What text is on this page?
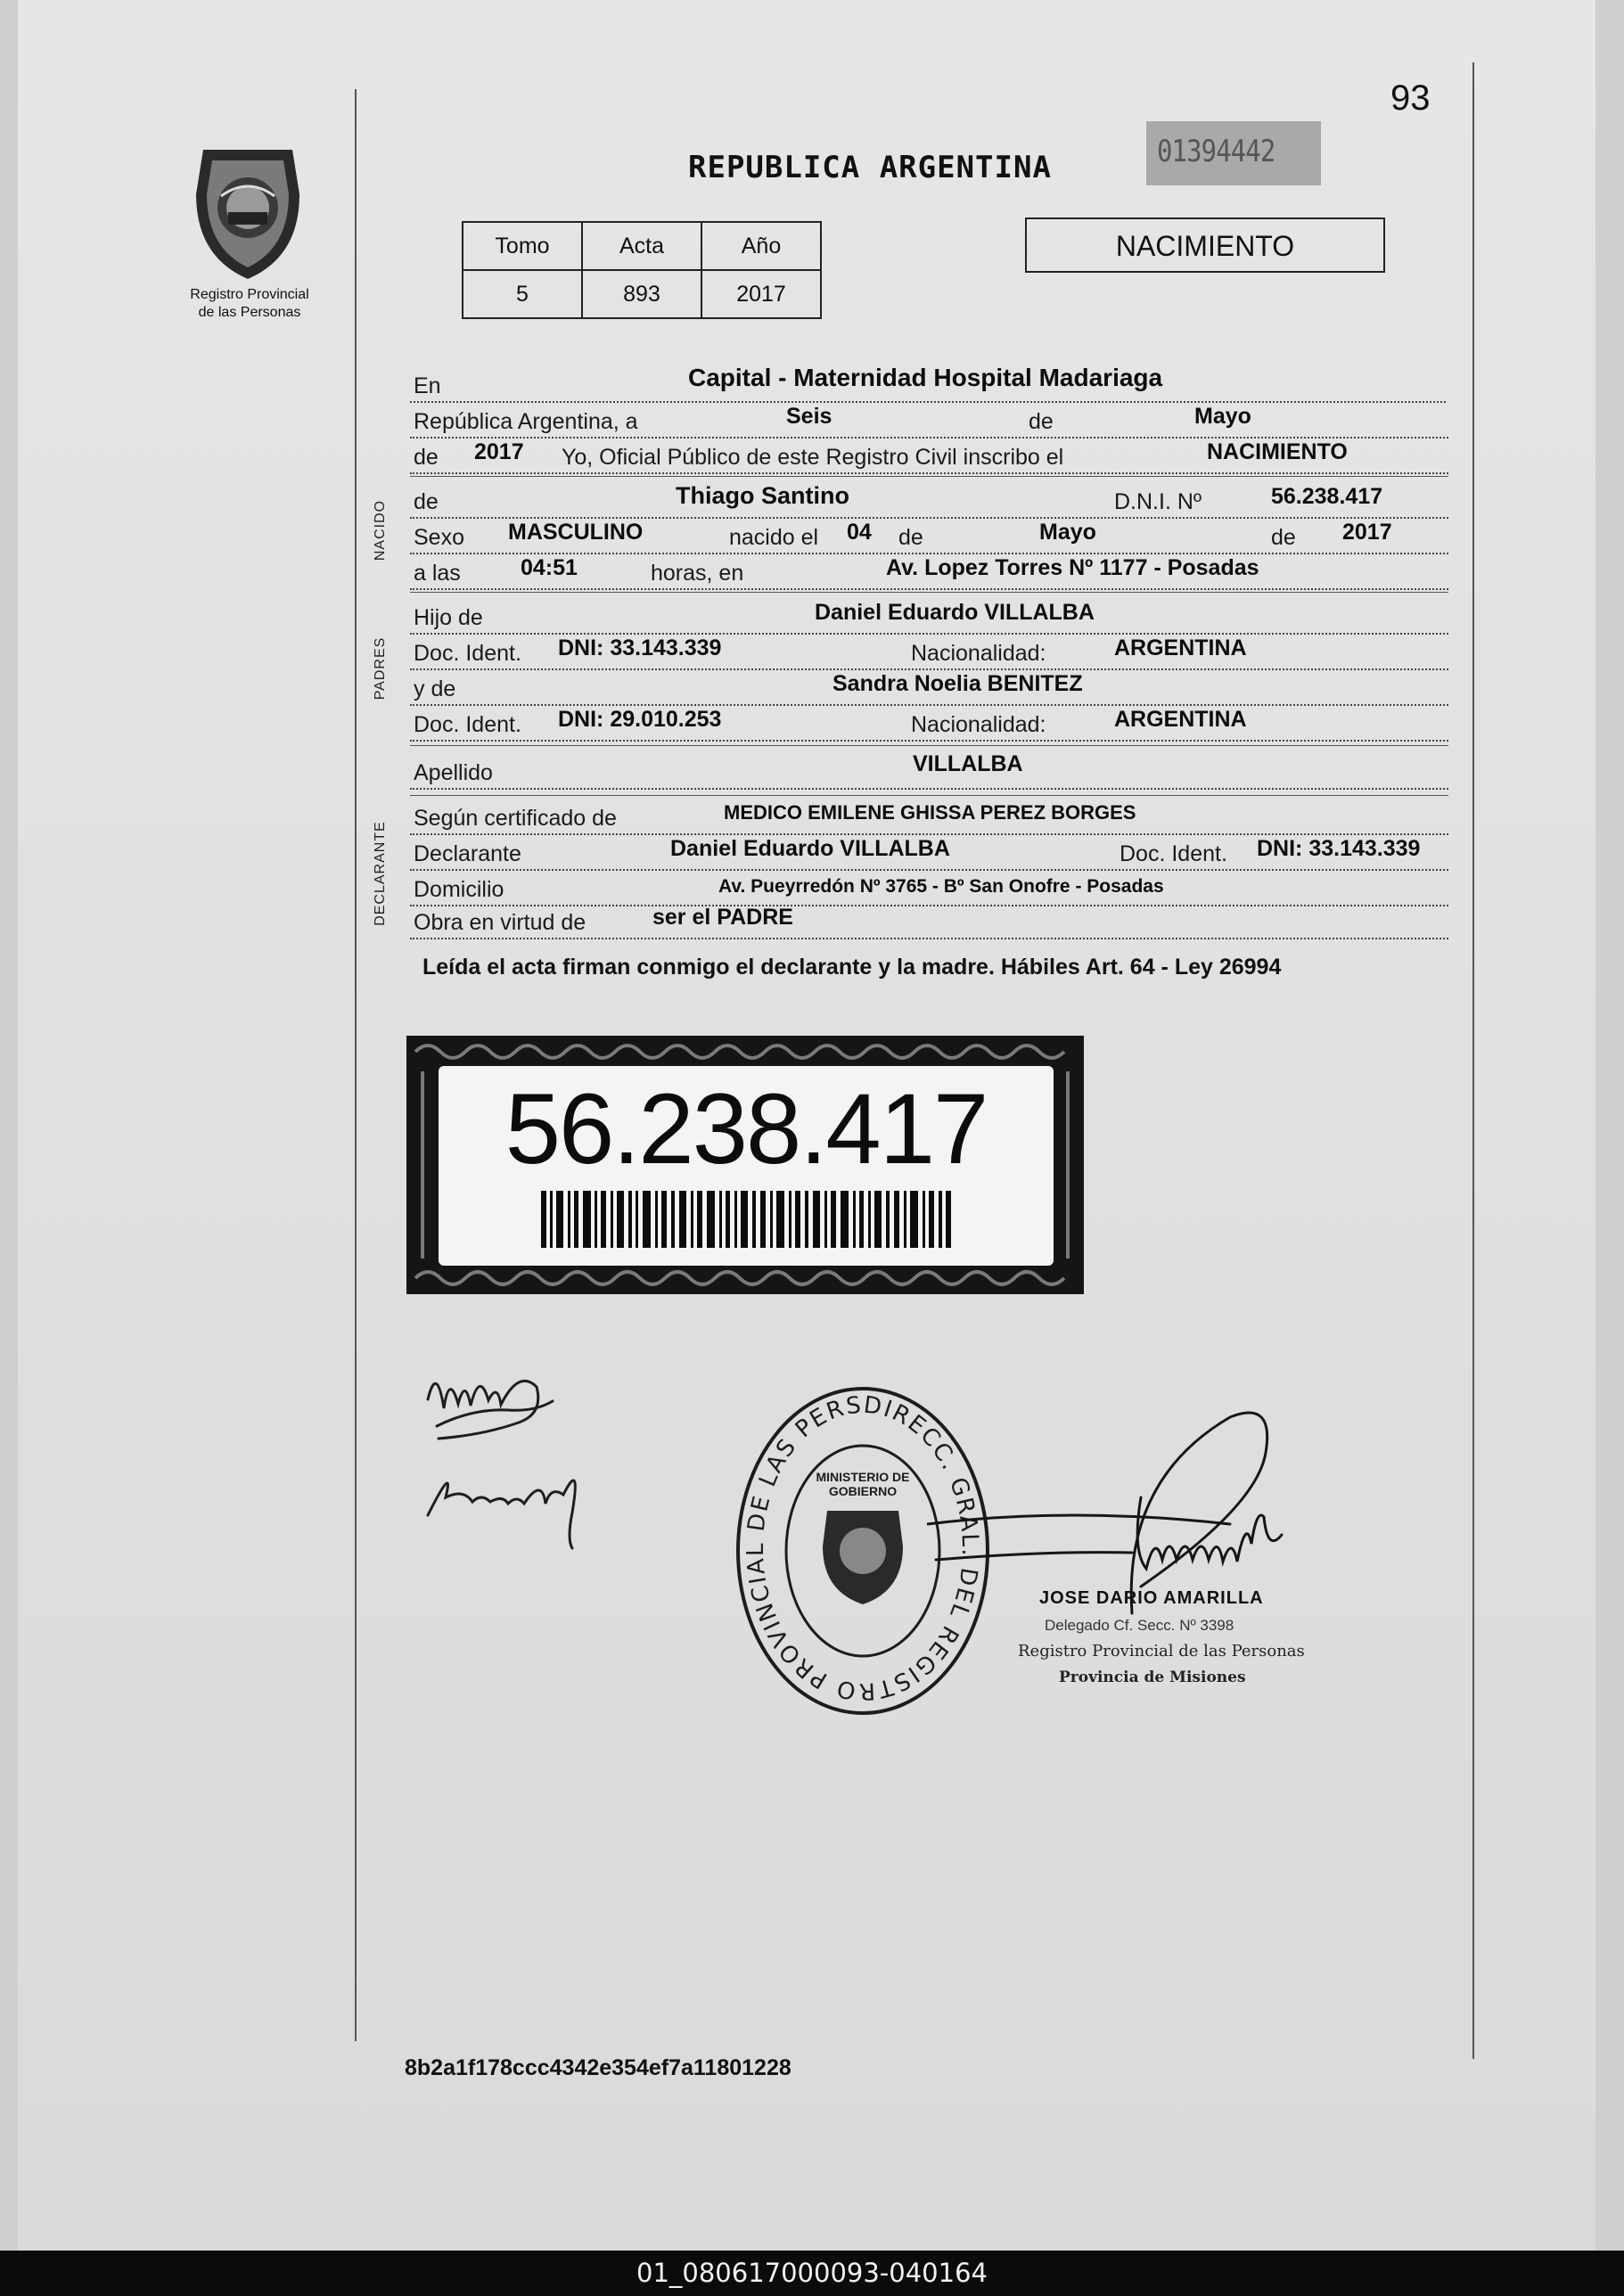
93
Registro Provincial
de las Personas
REPUBLICA ARGENTINA	01394442
Tomo	Acta	Año
5	893	2017
NACIMIENTO
En	Capital - Maternidad Hospital Madariaga
República Argentina, a	Seis	de	Mayo
de 2017 Yo, Oficial Público de este Registro Civil inscribo el	NACIMIENTO
NACIDO de	Thiago Santino	D.N.I. Nº	56.238.417
Sexo MASCULINO	nacido el 04 de	Mayo	de 2017
a las	04:51	horas, en	Av. Lopez Torres Nº 1177 - Posadas
PADRES
Hijo de	Daniel Eduardo VILLALBA
Doc. Ident. DNI: 33.143.339	Nacionalidad:	ARGENTINA
y de	Sandra Noelia BENITEZ
Doc. Ident. DNI: 29.010.253	Nacionalidad:	ARGENTINA
Apellido	VILLALBA
DECLARANTE
Según certificado de	MEDICO EMILENE GHISSA PEREZ BORGES
Declarante	Daniel Eduardo VILLALBA	Doc. Ident. DNI: 33.143.339
Domicilio	Av. Pueyrredón Nº 3765 - Bº San Onofre - Posadas
Obra en virtud de	ser el PADRE
Leída el acta firman conmigo el declarante y la madre. Hábiles Art. 64 - Ley 26994
56.238.417
DIRECC. GRAL. DEL REGISTRO PROVINCIAL DE LAS PERS
MINISTERIO DE GOBIERNO
JOSE DARIO AMARILLA
Delegado Cf. Secc. Nº 3398
Registro Provincial de las Personas
Provincia de Misiones
8b2a1f178ccc4342e354ef7a11801228
01_080617000093-040164
